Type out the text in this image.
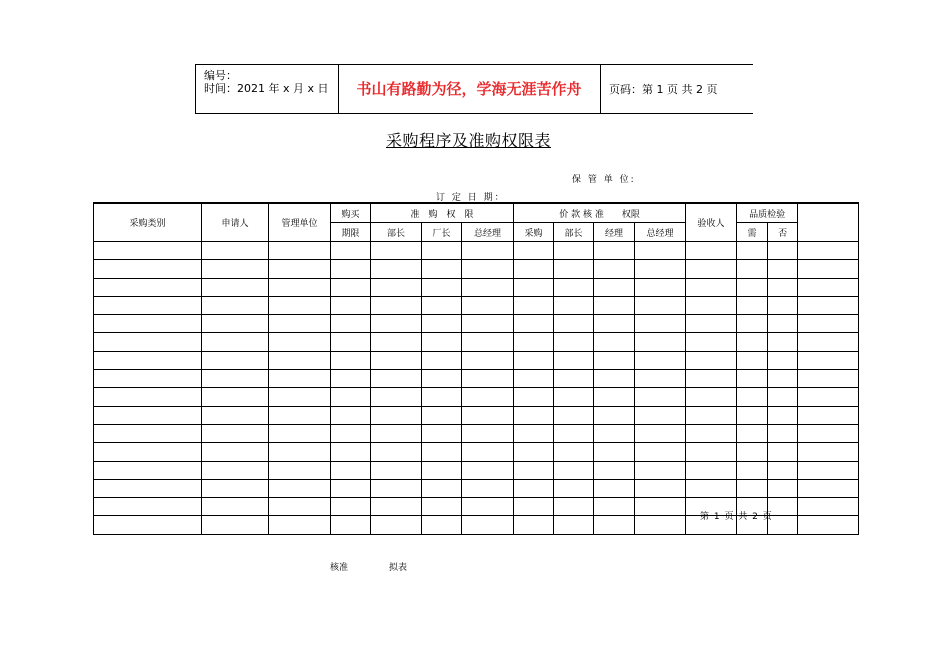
编号：
时间：2021 年 x 月 x 日	书山有路勤为径，学海无涯苦作舟	页码：第 1 页 共 2 页
采购程序及准购权限表
保 管 单 位:
订 定 日 期：
采购类别	申请人	管理单位	购买	准　购　权　限			价 款 核 准　　权限				验收人	品质检验		
			期限	部长	厂长	总经理	采购	部长	经理	总经理		需	否	

第 1 页 共 2 页
核准	拟表
